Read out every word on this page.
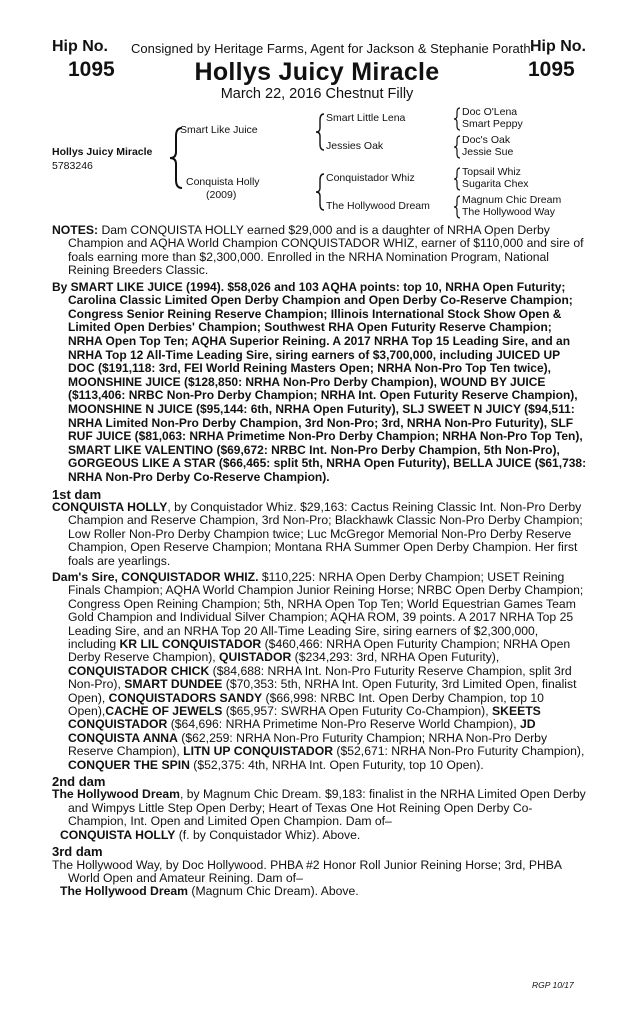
Hip No.
1095
Hip No.
1095
Consigned by Heritage Farms, Agent for Jackson & Stephanie Porath
Hollys Juicy Miracle
March 22, 2016 Chestnut Filly
Hollys Juicy Miracle
5783246
Smart Like Juice
Conquista Holly
(2009)
Smart Little Lena
Jessies Oak
Conquistador Whiz
The Hollywood Dream
Doc O'Lena
Smart Peppy
Doc's Oak
Jessie Sue
Topsail Whiz
Sugarita Chex
Magnum Chic Dream
The Hollywood Way

NOTES: Dam CONQUISTA HOLLY earned $29,000 and is a daughter of NRHA Open Derby Champion and AQHA World Champion CONQUISTADOR WHIZ, earner of $110,000 and sire of foals earning more than $2,300,000. Enrolled in the NRHA Nomination Program, National Reining Breeders Classic.

By SMART LIKE JUICE (1994). $58,026 and 103 AQHA points: top 10, NRHA Open Futurity; Carolina Classic Limited Open Derby Champion and Open Derby Co-Reserve Champion; Congress Senior Reining Reserve Champion; Illinois International Stock Show Open & Limited Open Derbies' Champion; Southwest RHA Open Futurity Reserve Champion; NRHA Open Top Ten; AQHA Superior Reining. A 2017 NRHA Top 15 Leading Sire, and an NRHA Top 12 All-Time Leading Sire, siring earners of $3,700,000, including JUICED UP DOC ($191,118: 3rd, FEI World Reining Masters Open; NRHA Non-Pro Top Ten twice), MOONSHINE JUICE ($128,850: NRHA Non-Pro Derby Champion), WOUND BY JUICE ($113,406: NRBC Non-Pro Derby Champion; NRHA Int. Open Futurity Reserve Champion), MOONSHINE N JUICE ($95,144: 6th, NRHA Open Futurity), SLJ SWEET N JUICY ($94,511: NRHA Limited Non-Pro Derby Champion, 3rd Non-Pro; 3rd, NRHA Non-Pro Futurity), SLF RUF JUICE ($81,063: NRHA Primetime Non-Pro Derby Champion; NRHA Non-Pro Top Ten), SMART LIKE VALENTINO ($69,672: NRBC Int. Non-Pro Derby Champion, 5th Non-Pro), GORGEOUS LIKE A STAR ($66,465: split 5th, NRHA Open Futurity), BELLA JUICE ($61,738: NRHA Non-Pro Derby Co-Reserve Champion).

1st dam

CONQUISTA HOLLY, by Conquistador Whiz. $29,163: Cactus Reining Classic Int. Non-Pro Derby Champion and Reserve Champion, 3rd Non-Pro; Blackhawk Classic Non-Pro Derby Champion; Low Roller Non-Pro Derby Champion twice; Luc McGregor Memorial Non-Pro Derby Reserve Champion, Open Reserve Champion; Montana RHA Summer Open Derby Champion. Her first foals are yearlings.

Dam's Sire, CONQUISTADOR WHIZ. $110,225: NRHA Open Derby Champion; USET Reining Finals Champion; AQHA World Champion Junior Reining Horse; NRBC Open Derby Champion; Congress Open Reining Champion; 5th, NRHA Open Top Ten; World Equestrian Games Team Gold Champion and Individual Silver Champion; AQHA ROM, 39 points. A 2017 NRHA Top 25 Leading Sire, and an NRHA Top 20 All-Time Leading Sire, siring earners of $2,300,000, including KR LIL CONQUISTADOR ($460,466: NRHA Open Futurity Champion; NRHA Open Derby Reserve Champion), QUISTADOR ($234,293: 3rd, NRHA Open Futurity), CONQUISTADOR CHICK ($84,688: NRHA Int. Non-Pro Futurity Reserve Champion, split 3rd Non-Pro), SMART DUNDEE ($70,353: 5th, NRHA Int. Open Futurity, 3rd Limited Open, finalist Open), CONQUISTADORS SANDY ($66,998: NRBC Int. Open Derby Champion, top 10 Open),CACHE OF JEWELS ($65,957: SWRHA Open Futurity Co-Champion), SKEETS CONQUISTADOR ($64,696: NRHA Primetime Non-Pro Reserve World Champion), JD CONQUISTA ANNA ($62,259: NRHA Non-Pro Futurity Champion; NRHA Non-Pro Derby Reserve Champion), LITN UP CONQUISTADOR ($52,671: NRHA Non-Pro Futurity Champion), CONQUER THE SPIN ($52,375: 4th, NRHA Int. Open Futurity, top 10 Open).

2nd dam

The Hollywood Dream, by Magnum Chic Dream. $9,183: finalist in the NRHA Limited Open Derby and Wimpys Little Step Open Derby; Heart of Texas One Hot Reining Open Derby Co-Champion, Int. Open and Limited Open Champion. Dam of–

CONQUISTA HOLLY (f. by Conquistador Whiz). Above.

3rd dam

The Hollywood Way, by Doc Hollywood. PHBA #2 Honor Roll Junior Reining Horse; 3rd, PHBA World Open and Amateur Reining. Dam of–

The Hollywood Dream (Magnum Chic Dream). Above.

RGP 10/17
